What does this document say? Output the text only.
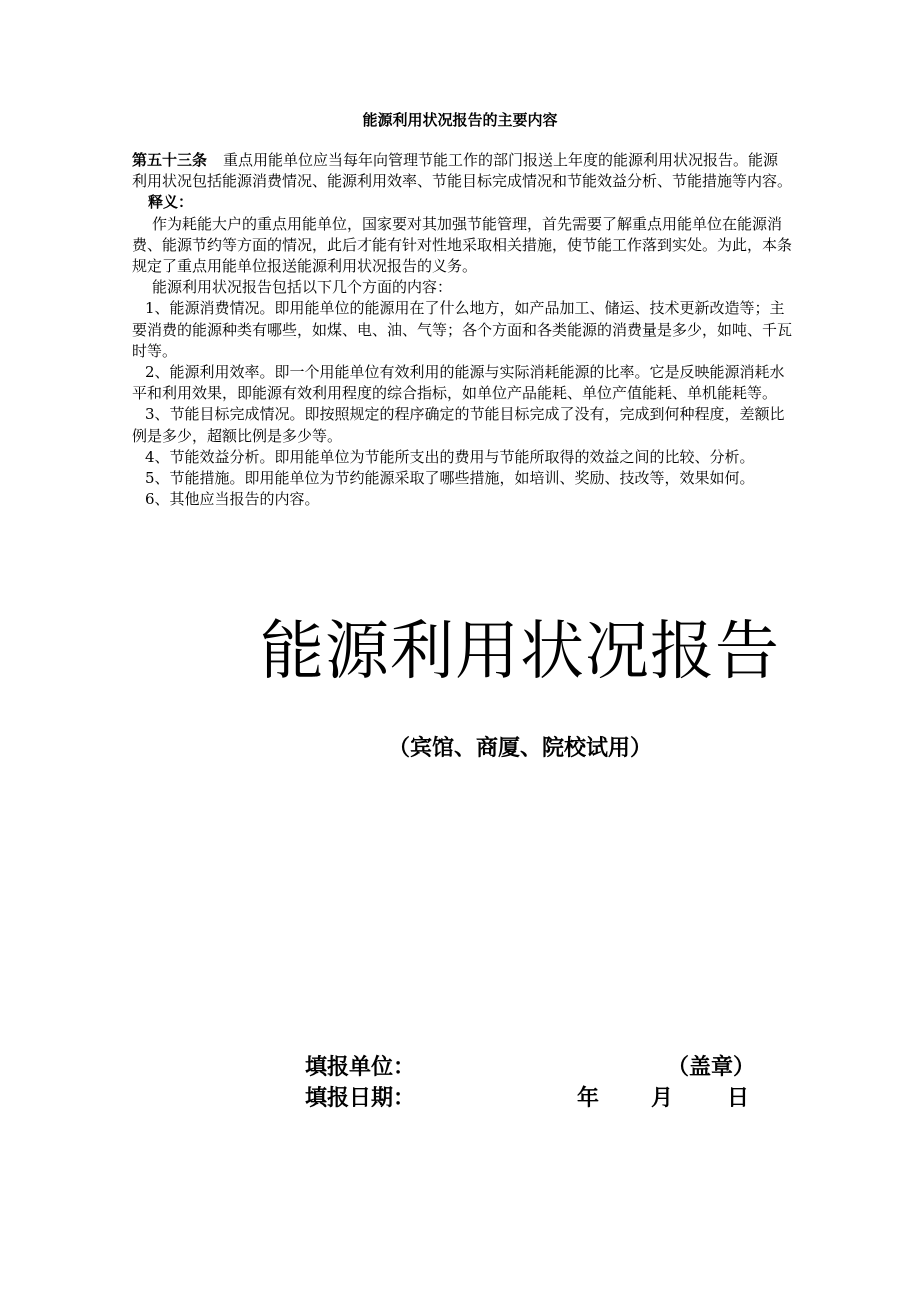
能源利用状况报告的主要内容

第五十三条 重点用能单位应当每年向管理节能工作的部门报送上年度的能源利用状况报告。能源利用状况包括能源消费情况、能源利用效率、节能目标完成情况和节能效益分析、节能措施等内容。

释义：

作为耗能大户的重点用能单位，国家要对其加强节能管理，首先需要了解重点用能单位在能源消费、能源节约等方面的情况，此后才能有针对性地采取相关措施，使节能工作落到实处。为此，本条规定了重点用能单位报送能源利用状况报告的义务。

能源利用状况报告包括以下几个方面的内容：

1、能源消费情况。即用能单位的能源用在了什么地方，如产品加工、储运、技术更新改造等；主要消费的能源种类有哪些，如煤、电、油、气等；各个方面和各类能源的消费量是多少，如吨、千瓦时等。

2、能源利用效率。即一个用能单位有效利用的能源与实际消耗能源的比率。它是反映能源消耗水平和利用效果，即能源有效利用程度的综合指标，如单位产品能耗、单位产值能耗、单机能耗等。

3、节能目标完成情况。即按照规定的程序确定的节能目标完成了没有，完成到何种程度，差额比例是多少，超额比例是多少等。

4、节能效益分析。即用能单位为节能所支出的费用与节能所取得的效益之间的比较、分析。

5、节能措施。即用能单位为节约能源采取了哪些措施，如培训、奖励、技改等，效果如何。

6、其他应当报告的内容。

能源利用状况报告
（宾馆、商厦、院校试用）
填报单位：	（盖章）
填报日期：	年 月 日
